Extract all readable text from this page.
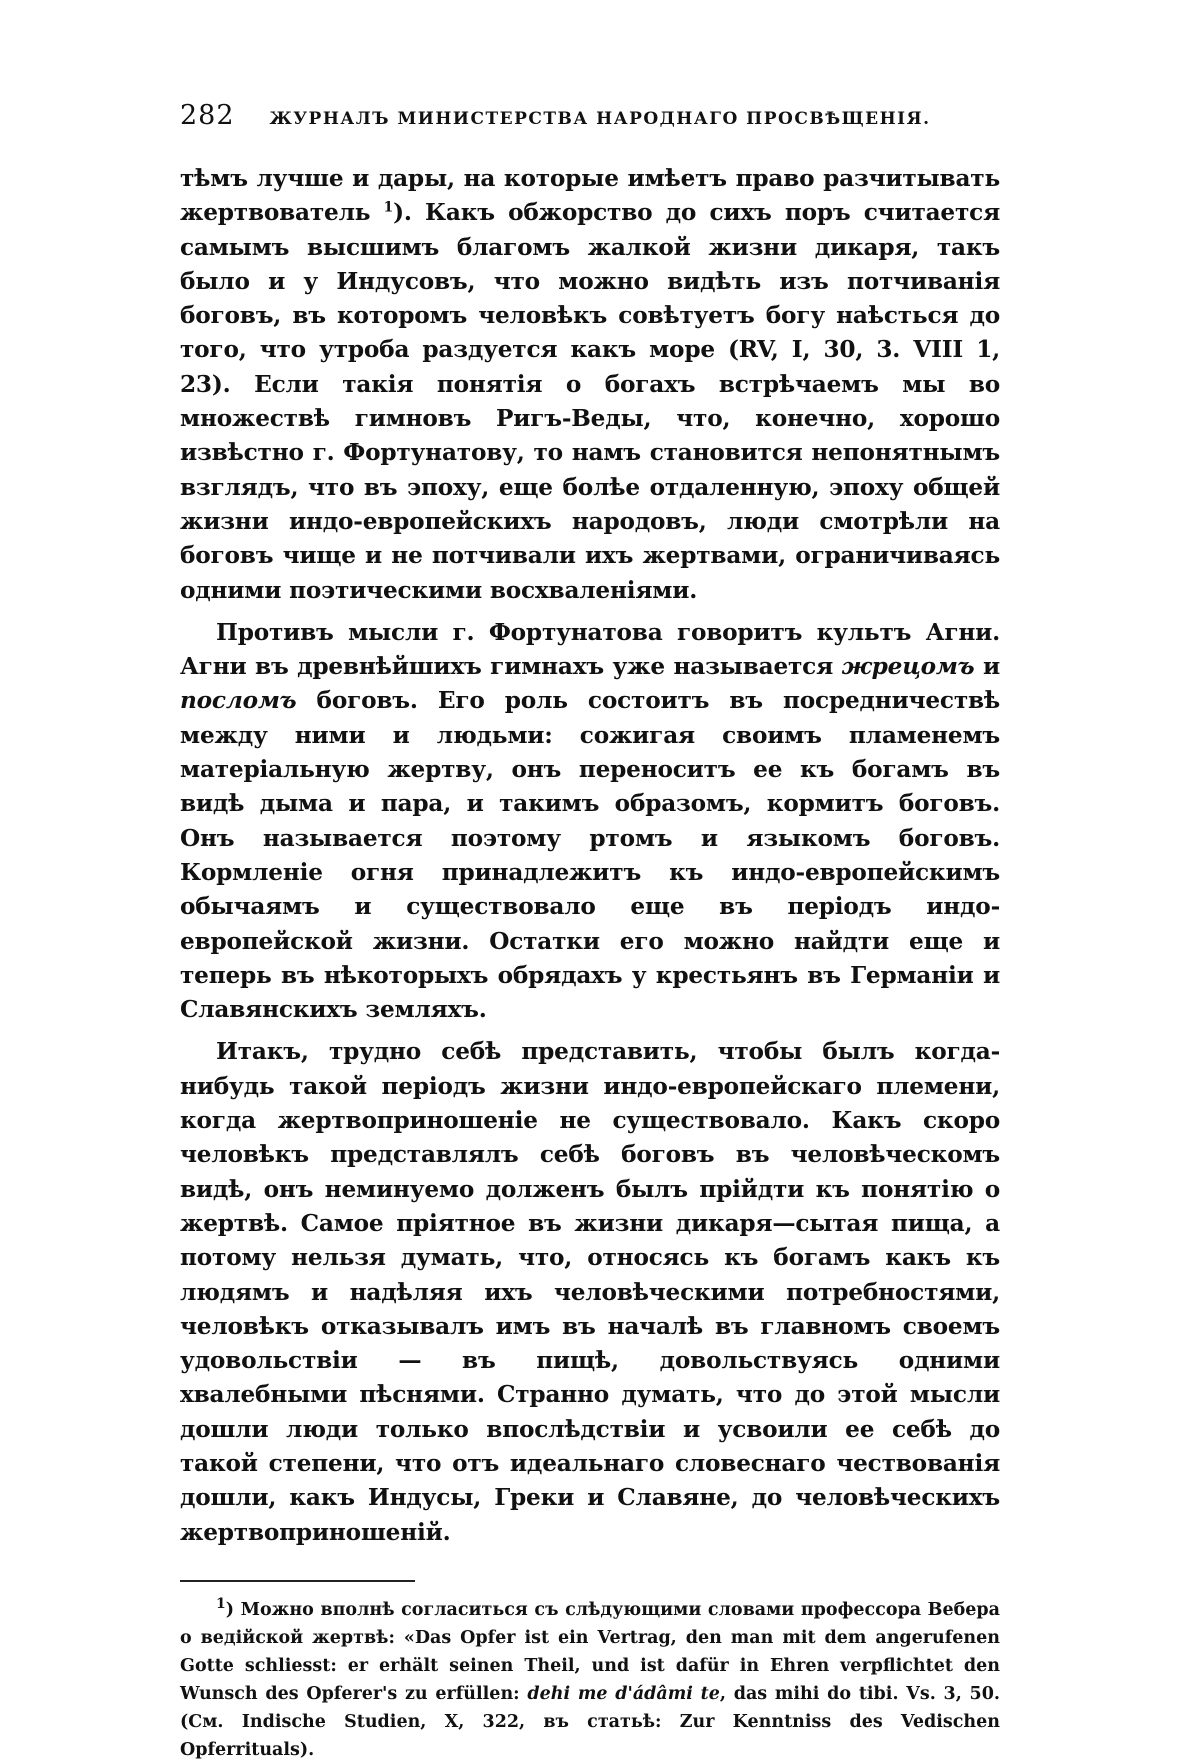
282	ЖУРНАЛЪ МИНИСТЕРСТВА НАРОДНАГО ПРОСВѢЩЕНІЯ.

тѣмъ лучше и дары, на которые имѣетъ право разчитывать жертвователь $^1$). Какъ обжорство до сихъ поръ считается самымъ высшимъ благомъ жалкой жизни дикаря, такъ было и у Индусовъ, что можно видѣть изъ потчиванія боговъ, въ которомъ человѣкъ совѣтуетъ богу наѣсться до того, что утроба раздуется какъ море (RV, I, 30, 3. VIII 1, 23). Если такія понятія о богахъ встрѣчаемъ мы во множествѣ гимновъ Ригъ-Веды, что, конечно, хорошо извѣстно г. Фортунатову, то намъ становится непонятнымъ взглядъ, что въ эпоху, еще болѣе отдаленную, эпоху общей жизни индо-европейскихъ народовъ, люди смотрѣли на боговъ чище и не потчивали ихъ жертвами, ограничиваясь одними поэтическими восхваленіями.

Противъ мысли г. Фортунатова говоритъ культъ Агни. Агни въ древнѣйшихъ гимнахъ уже называется жрецомъ и посломъ боговъ. Его роль состоитъ въ посредничествѣ между ними и людьми: сожигая своимъ пламенемъ матеріальную жертву, онъ переноситъ ее къ богамъ въ видѣ дыма и пара, и такимъ образомъ, кормитъ боговъ. Онъ называется поэтому ртомъ и языкомъ боговъ. Кормленіе огня принадлежитъ къ индо-европейскимъ обычаямъ и существовало еще въ періодъ индо-европейской жизни. Остатки его можно найдти еще и теперь въ нѣкоторыхъ обрядахъ у крестьянъ въ Германіи и Славянскихъ земляхъ.

Итакъ, трудно себѣ представить, чтобы былъ когда-нибудь такой періодъ жизни индо-европейскаго племени, когда жертвоприношеніе не существовало. Какъ скоро человѣкъ представлялъ себѣ боговъ въ человѣческомъ видѣ, онъ неминуемо долженъ былъ прійдти къ понятію о жертвѣ. Самое пріятное въ жизни дикаря—сытая пища, а потому нельзя думать, что, относясь къ богамъ какъ къ людямъ и надѣляя ихъ человѣческими потребностями, человѣкъ отказывалъ имъ въ началѣ въ главномъ своемъ удовольствіи — въ пищѣ, довольствуясь одними хвалебными пѣснями. Странно думать, что до этой мысли дошли люди только впослѣдствіи и усвоили ее себѣ до такой степени, что отъ идеальнаго словеснаго чествованія дошли, какъ Индусы, Греки и Славяне, до человѣческихъ жертвоприношеній.

$^1$) Можно вполнѣ согласиться съ слѣдующими словами профессора Вебера о ведійской жертвѣ: «Das Opfer ist ein Vertrag, den man mit dem angerufenen Gotte schliesst: er erhält seinen Theil, und ist dafür in Ehren verpflichtet den Wunsch des Opferer's zu erfüllen: dehi me d'ádâmi te, das mihi do tibi. Vs. 3, 50. (См. Indische Studien, X, 322, въ статьѣ: Zur Kenntniss des Vedischen Opferrituals).
